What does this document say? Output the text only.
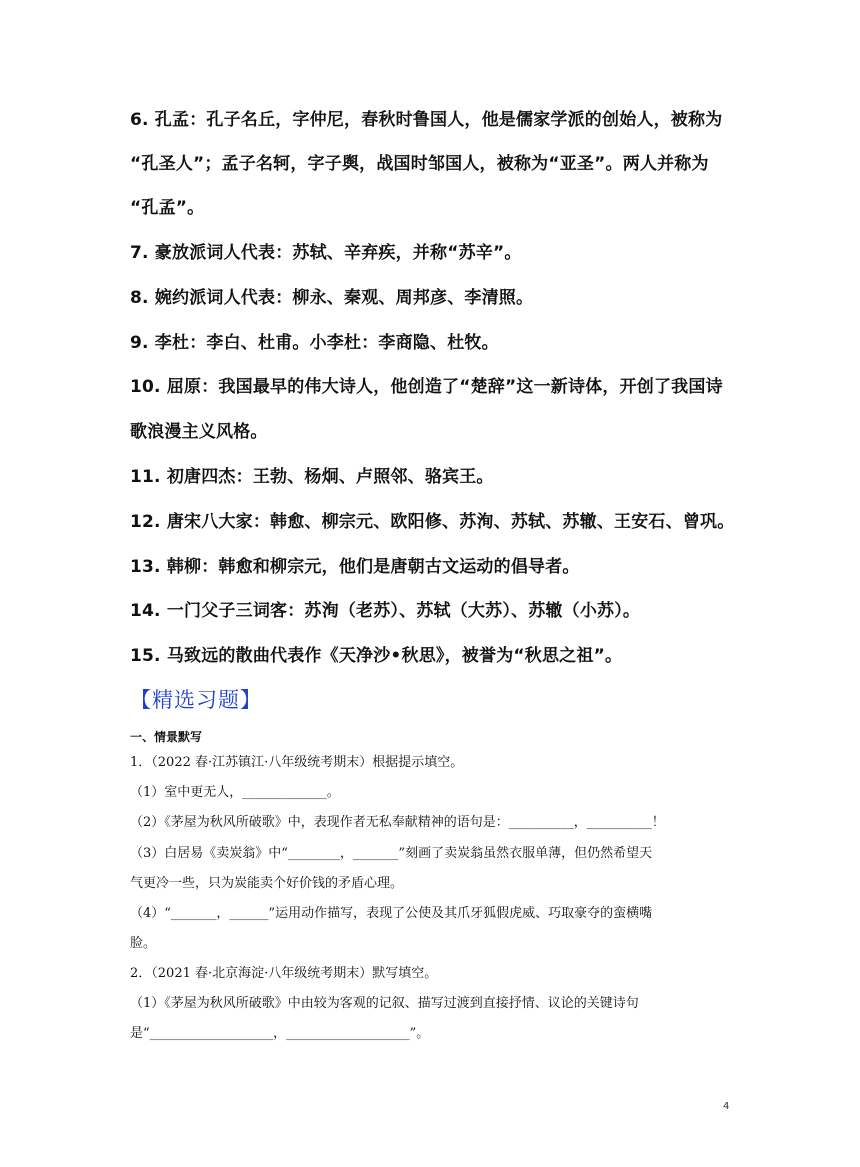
6. 孔孟：孔子名丘，字仲尼，春秋时鲁国人，他是儒家学派的创始人，被称为
“孔圣人”；孟子名轲，字子舆，战国时邹国人，被称为“亚圣”。两人并称为
“孔孟”。
7. 豪放派词人代表：苏轼、辛弃疾，并称“苏辛”。
8. 婉约派词人代表：柳永、秦观、周邦彦、李清照。
9. 李杜：李白、杜甫。小李杜：李商隐、杜牧。
10. 屈原：我国最早的伟大诗人，他创造了“楚辞”这一新诗体，开创了我国诗
歌浪漫主义风格。
11. 初唐四杰：王勃、杨炯、卢照邻、骆宾王。
12. 唐宋八大家：韩愈、柳宗元、欧阳修、苏洵、苏轼、苏辙、王安石、曾巩。
13. 韩柳：韩愈和柳宗元，他们是唐朝古文运动的倡导者。
14. 一门父子三词客：苏洵（老苏）、苏轼（大苏）、苏辙（小苏）。
15. 马致远的散曲代表作《天净沙•秋思》，被誉为“秋思之祖”。
【精选习题】
一、情景默写
1．（2022 春·江苏镇江·八年级统考期末）根据提示填空。
（1）室中更无人，_____________。
（2）《茅屋为秋风所破歌》中，表现作者无私奉献精神的语句是：__________，__________！
（3）白居易《卖炭翁》中“________，_______”刻画了卖炭翁虽然衣服单薄，但仍然希望天
气更冷一些，只为炭能卖个好价钱的矛盾心理。
（4）“_______，______”运用动作描写，表现了公使及其爪牙狐假虎威、巧取豪夺的蛮横嘴
脸。
2．（2021 春·北京海淀·八年级统考期末）默写填空。
（1）《茅屋为秋风所破歌》中由较为客观的记叙、描写过渡到直接抒情、议论的关键诗句
是“___________________，___________________”。
4
